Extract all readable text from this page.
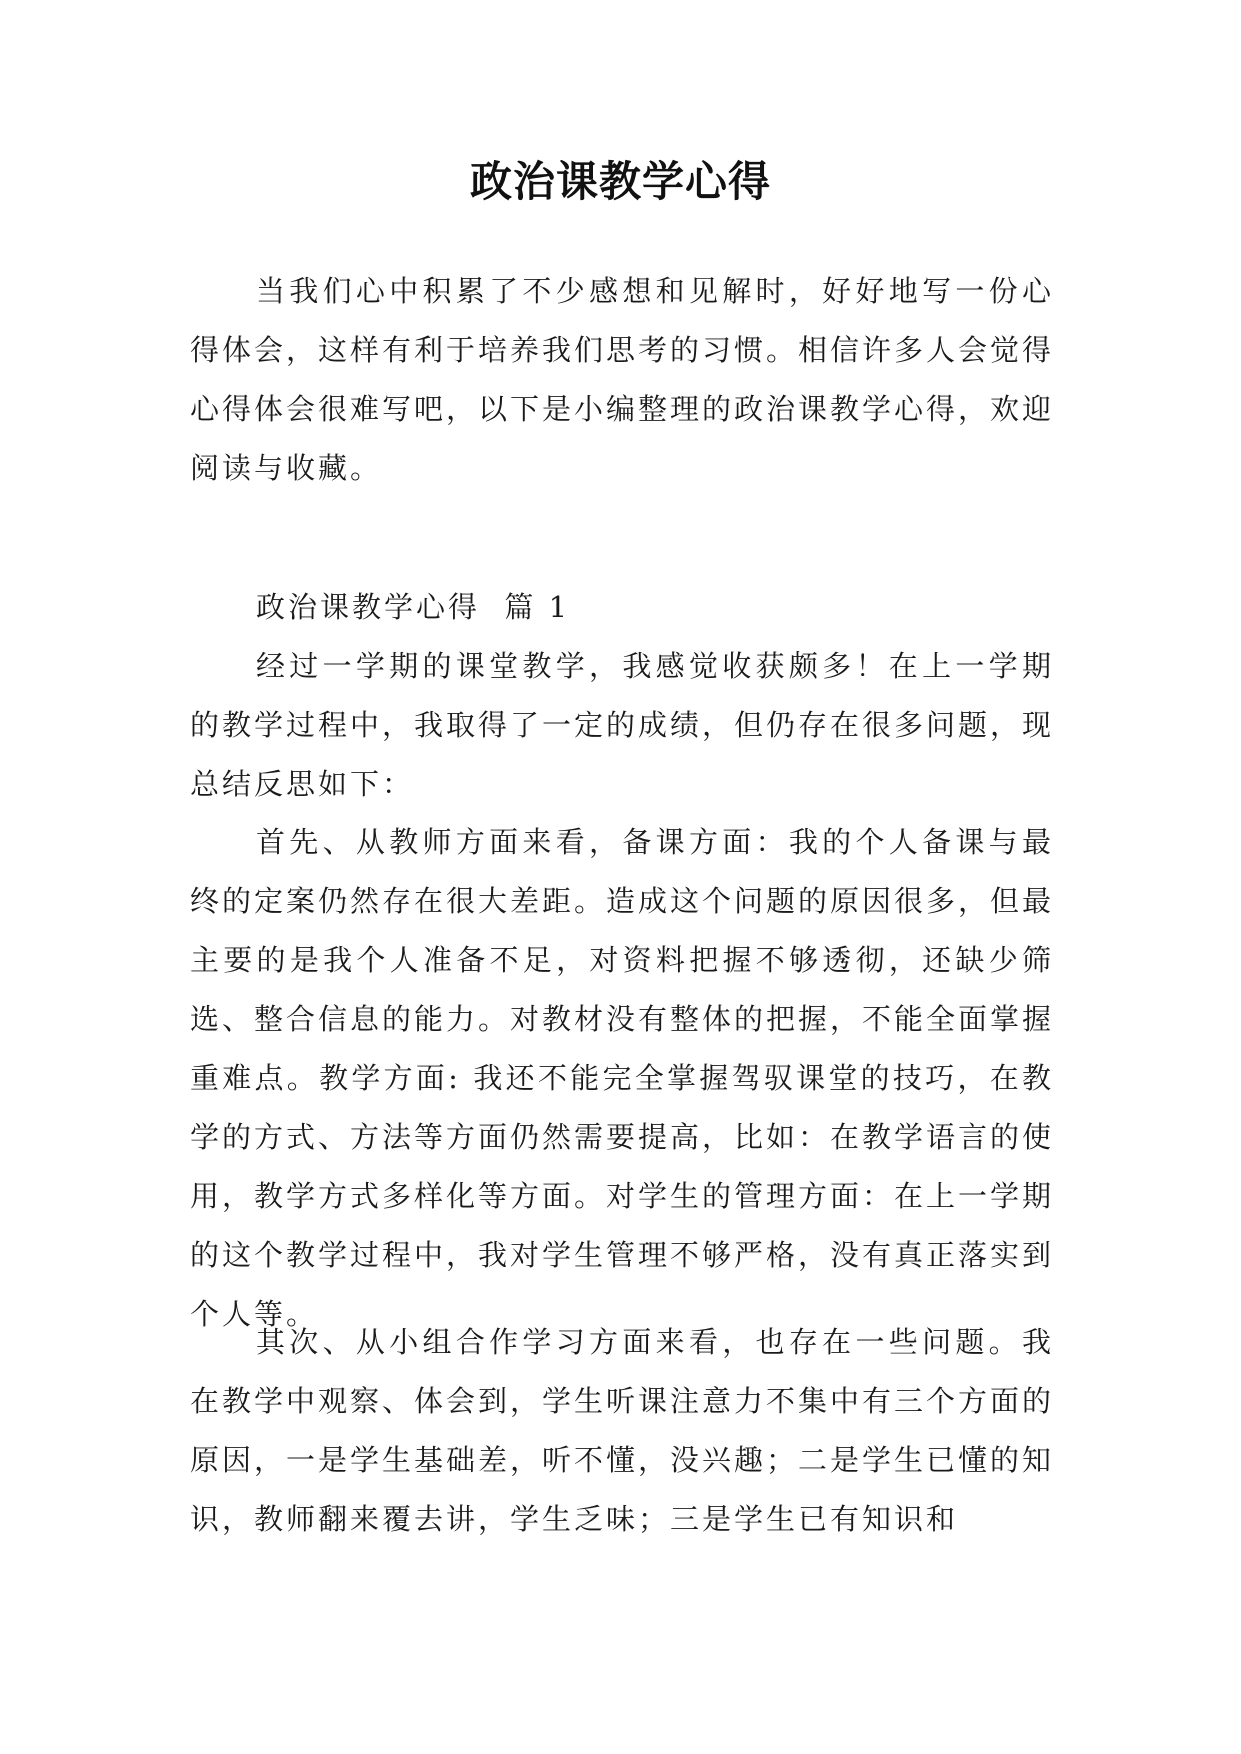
政治课教学心得

当我们心中积累了不少感想和见解时，好好地写一份心得体会，这样有利于培养我们思考的习惯。相信许多人会觉得心得体会很难写吧，以下是小编整理的政治课教学心得，欢迎阅读与收藏。

政治课教学心得  篇 1

经过一学期的课堂教学，我感觉收获颇多！在上一学期的教学过程中，我取得了一定的成绩，但仍存在很多问题，现总结反思如下：

首先、从教师方面来看，备课方面：我的个人备课与最终的定案仍然存在很大差距。造成这个问题的原因很多，但最主要的是我个人准备不足，对资料把握不够透彻，还缺少筛选、整合信息的能力。对教材没有整体的把握，不能全面掌握重难点。教学方面: 我还不能完全掌握驾驭课堂的技巧，在教学的方式、方法等方面仍然需要提高，比如：在教学语言的使用，教学方式多样化等方面。对学生的管理方面：在上一学期的这个教学过程中，我对学生管理不够严格，没有真正落实到个人等。

其次、从小组合作学习方面来看，也存在一些问题。我在教学中观察、体会到，学生听课注意力不集中有三个方面的原因，一是学生基础差，听不懂，没兴趣；二是学生已懂的知识，教师翻来覆去讲，学生乏味；三是学生已有知识和
